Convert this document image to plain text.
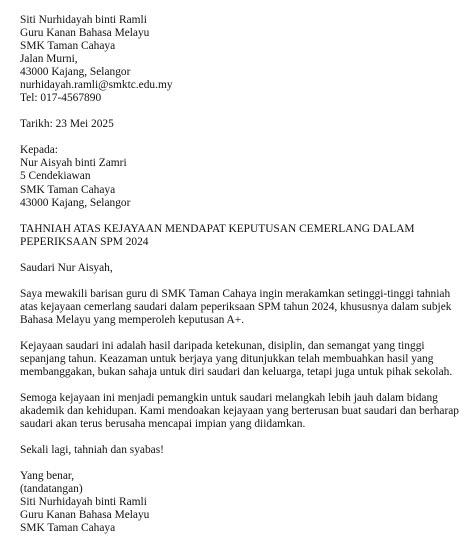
Siti Nurhidayah binti Ramli
Guru Kanan Bahasa Melayu
SMK Taman Cahaya
Jalan Murni,
43000 Kajang, Selangor
nurhidayah.ramli@smktc.edu.my
Tel: 017-4567890
Tarikh: 23 Mei 2025
Kepada:
Nur Aisyah binti Zamri
5 Cendekiawan
SMK Taman Cahaya
43000 Kajang, Selangor
TAHNIAH ATAS KEJAYAAN MENDAPAT KEPUTUSAN CEMERLANG DALAM
PEPERIKSAAN SPM 2024
Saudari Nur Aisyah,
Saya mewakili barisan guru di SMK Taman Cahaya ingin merakamkan setinggi-tinggi tahniah
atas kejayaan cemerlang saudari dalam peperiksaan SPM tahun 2024, khususnya dalam subjek
Bahasa Melayu yang memperoleh keputusan A+.
Kejayaan saudari ini adalah hasil daripada ketekunan, disiplin, dan semangat yang tinggi
sepanjang tahun. Keazaman untuk berjaya yang ditunjukkan telah membuahkan hasil yang
membanggakan, bukan sahaja untuk diri saudari dan keluarga, tetapi juga untuk pihak sekolah.
Semoga kejayaan ini menjadi pemangkin untuk saudari melangkah lebih jauh dalam bidang
akademik dan kehidupan. Kami mendoakan kejayaan yang berterusan buat saudari dan berharap
saudari akan terus berusaha mencapai impian yang diidamkan.
Sekali lagi, tahniah dan syabas!
Yang benar,
(tandatangan)
Siti Nurhidayah binti Ramli
Guru Kanan Bahasa Melayu
SMK Taman Cahaya
